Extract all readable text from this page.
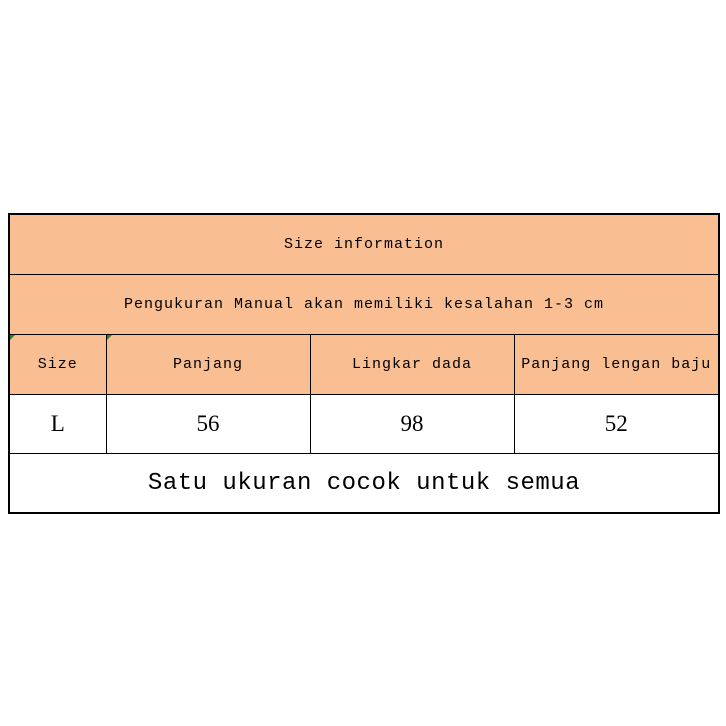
Size information			
Pengukuran Manual akan memiliki kesalahan 1-3 cm			
Size	Panjang	Lingkar dada	Panjang lengan baju
L	56	98	52
Satu ukuran cocok untuk semua			
